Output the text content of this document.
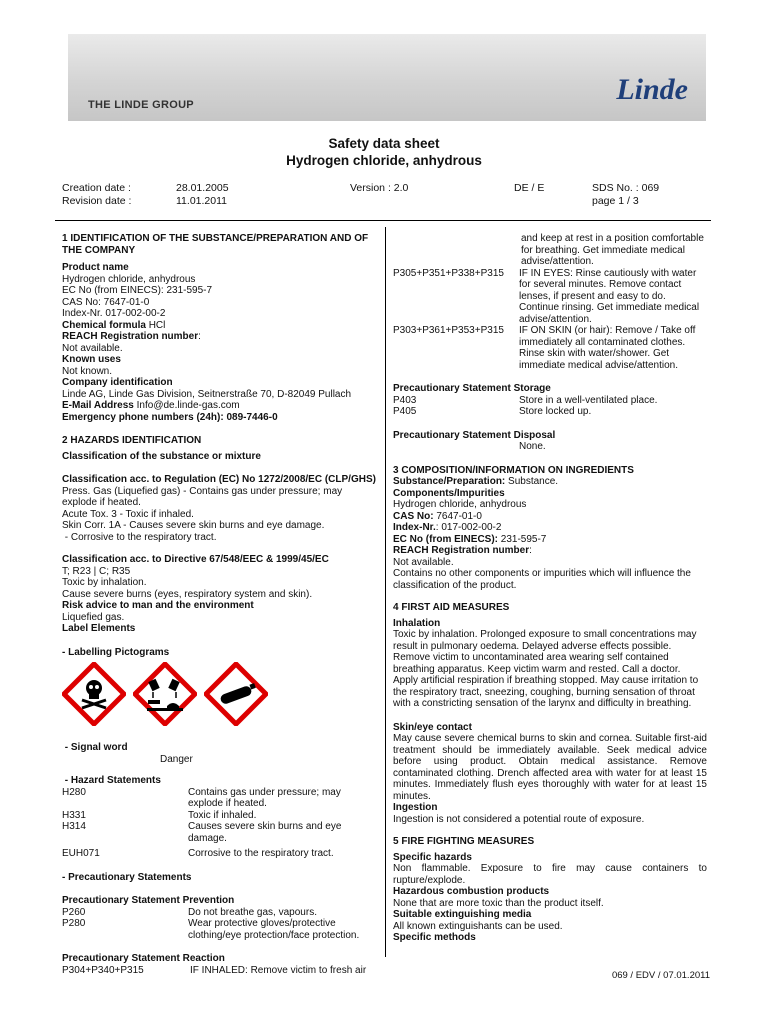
THE LINDE GROUP	Linde
Safety data sheet
Hydrogen chloride, anhydrous
Creation date :	28.01.2005
Revision date :	11.01.2011
Version : 2.0	DE / E	SDS No. : 069
page 1 / 3
1 IDENTIFICATION OF THE SUBSTANCE/PREPARATION AND OF THE COMPANY
Product name
Hydrogen chloride, anhydrous
EC No (from EINECS): 231-595-7
CAS No: 7647-01-0
Index-Nr. 017-002-00-2
Chemical formula HCl
REACH Registration number:
Not available.
Known uses
Not known.
Company identification
Linde AG, Linde Gas Division, Seitnerstraße 70, D-82049 Pullach
E-Mail Address Info@de.linde-gas.com
Emergency phone numbers (24h): 089-7446-0
2 HAZARDS IDENTIFICATION
Classification of the substance or mixture
Classification acc. to Regulation (EC) No 1272/2008/EC (CLP/GHS)
Press. Gas (Liquefied gas) - Contains gas under pressure; may explode if heated.
Acute Tox. 3 - Toxic if inhaled.
Skin Corr. 1A - Causes severe skin burns and eye damage.
- Corrosive to the respiratory tract.
Classification acc. to Directive 67/548/EEC & 1999/45/EC
T; R23 | C; R35
Toxic by inhalation.
Cause severe burns (eyes, respiratory system and skin).
Risk advice to man and the environment
Liquefied gas.
Label Elements
- Labelling Pictograms

- Signal word
Danger
- Hazard Statements
H280	Contains gas under pressure; may explode if heated.
H331	Toxic if inhaled.
H314	Causes severe skin burns and eye damage.
EUH071	Corrosive to the respiratory tract.
- Precautionary Statements
Precautionary Statement Prevention
P260	Do not breathe gas, vapours.
P280	Wear protective gloves/protective clothing/eye protection/face protection.
Precautionary Statement Reaction
P304+P340+P315	IF INHALED: Remove victim to fresh air
and keep at rest in a position comfortable for breathing. Get immediate medical advise/attention.
P305+P351+P338+P315	IF IN EYES: Rinse cautiously with water for several minutes. Remove contact lenses, if present and easy to do. Continue rinsing. Get immediate medical advise/attention.
P303+P361+P353+P315	IF ON SKIN (or hair): Remove / Take off immediately all contaminated clothes. Rinse skin with water/shower. Get immediate medical advise/attention.
Precautionary Statement Storage
P403	Store in a well-ventilated place.
P405	Store locked up.
Precautionary Statement Disposal
None.
3 COMPOSITION/INFORMATION ON INGREDIENTS
Substance/Preparation: Substance.
Components/Impurities
Hydrogen chloride, anhydrous
CAS No: 7647-01-0
Index-Nr.: 017-002-00-2
EC No (from EINECS): 231-595-7
REACH Registration number:
Not available.
Contains no other components or impurities which will influence the classification of the product.
4 FIRST AID MEASURES
Inhalation
Toxic by inhalation. Prolonged exposure to small concentrations may result in pulmonary oedema. Delayed adverse effects possible. Remove victim to uncontaminated area wearing self contained breathing apparatus. Keep victim warm and rested. Call a doctor. Apply artificial respiration if breathing stopped. May cause irritation to the respiratory tract, sneezing, coughing, burning sensation of throat with a constricting sensation of the larynx and difficulty in breathing.
Skin/eye contact
May cause severe chemical burns to skin and cornea. Suitable first-aid treatment should be immediately available. Seek medical advice before using product. Obtain medical assistance. Remove contaminated clothing. Drench affected area with water for at least 15 minutes. Immediately flush eyes thoroughly with water for at least 15 minutes.
Ingestion
Ingestion is not considered a potential route of exposure.
5 FIRE FIGHTING MEASURES
Specific hazards
Non flammable. Exposure to fire may cause containers to rupture/explode.
Hazardous combustion products
None that are more toxic than the product itself.
Suitable extinguishing media
All known extinguishants can be used.
Specific methods
069 / EDV / 07.01.2011
